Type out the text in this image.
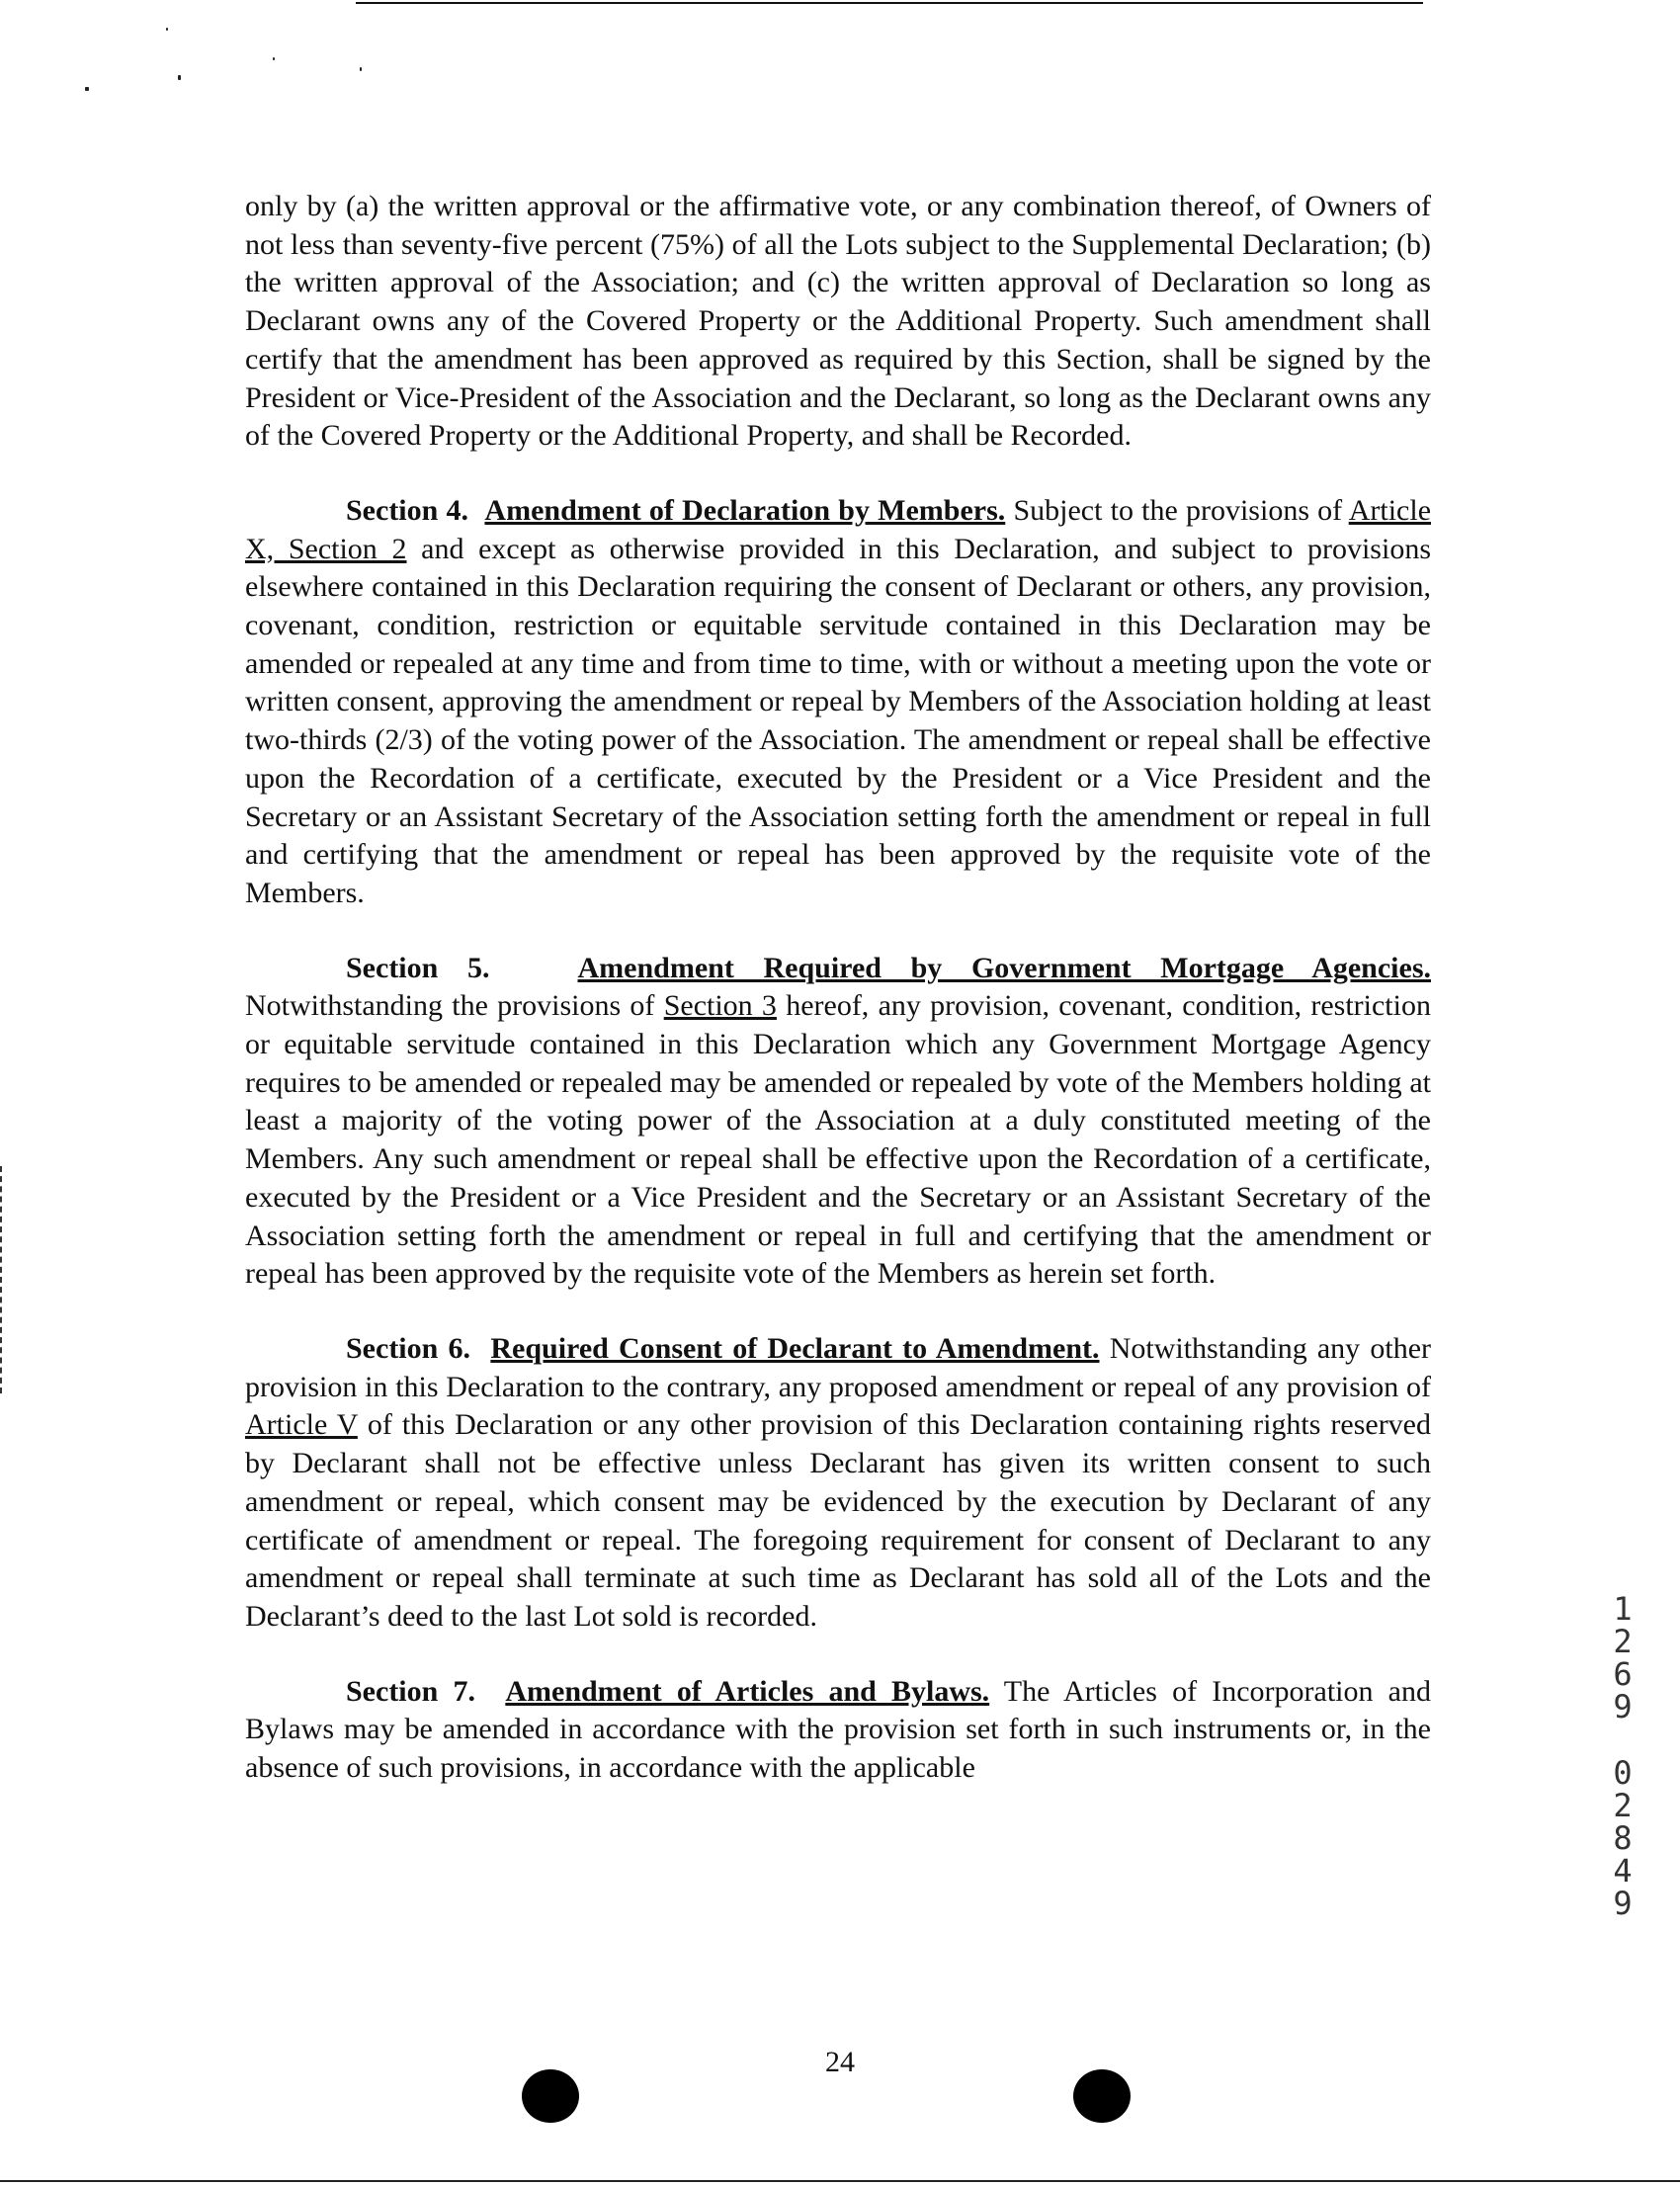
only by (a) the written approval or the affirmative vote, or any combination thereof, of Owners of not less than seventy-five percent (75%) of all the Lots subject to the Supplemental Declaration; (b) the written approval of the Association; and (c) the written approval of Declaration so long as Declarant owns any of the Covered Property or the Additional Property. Such amendment shall certify that the amendment has been approved as required by this Section, shall be signed by the President or Vice-President of the Association and the Declarant, so long as the Declarant owns any of the Covered Property or the Additional Property, and shall be Recorded.

Section 4. Amendment of Declaration by Members. Subject to the provisions of Article X, Section 2 and except as otherwise provided in this Declaration, and subject to provisions elsewhere contained in this Declaration requiring the consent of Declarant or others, any provision, covenant, condition, restriction or equitable servitude contained in this Declaration may be amended or repealed at any time and from time to time, with or without a meeting upon the vote or written consent, approving the amendment or repeal by Members of the Association holding at least two-thirds (2/3) of the voting power of the Association. The amendment or repeal shall be effective upon the Recordation of a certificate, executed by the President or a Vice President and the Secretary or an Assistant Secretary of the Association setting forth the amendment or repeal in full and certifying that the amendment or repeal has been approved by the requisite vote of the Members.

Section 5.	Amendment Required by Government Mortgage Agencies. Notwithstanding the provisions of Section 3 hereof, any provision, covenant, condition, restriction or equitable servitude contained in this Declaration which any Government Mortgage Agency requires to be amended or repealed may be amended or repealed by vote of the Members holding at least a majority of the voting power of the Association at a duly constituted meeting of the Members. Any such amendment or repeal shall be effective upon the Recordation of a certificate, executed by the President or a Vice President and the Secretary or an Assistant Secretary of the Association setting forth the amendment or repeal in full and certifying that the amendment or repeal has been approved by the requisite vote of the Members as herein set forth.

Section 6. Required Consent of Declarant to Amendment. Notwithstanding any other provision in this Declaration to the contrary, any proposed amendment or repeal of any provision of Article V of this Declaration or any other provision of this Declaration containing rights reserved by Declarant shall not be effective unless Declarant has given its written consent to such amendment or repeal, which consent may be evidenced by the execution by Declarant of any certificate of amendment or repeal. The foregoing requirement for consent of Declarant to any amendment or repeal shall terminate at such time as Declarant has sold all of the Lots and the Declarant’s deed to the last Lot sold is recorded.

Section 7. Amendment of Articles and Bylaws. The Articles of Incorporation and Bylaws may be amended in accordance with the provision set forth in such instruments or, in the absence of such provisions, in accordance with the applicable

24
1
2
6
9
0
2
8
4
9
